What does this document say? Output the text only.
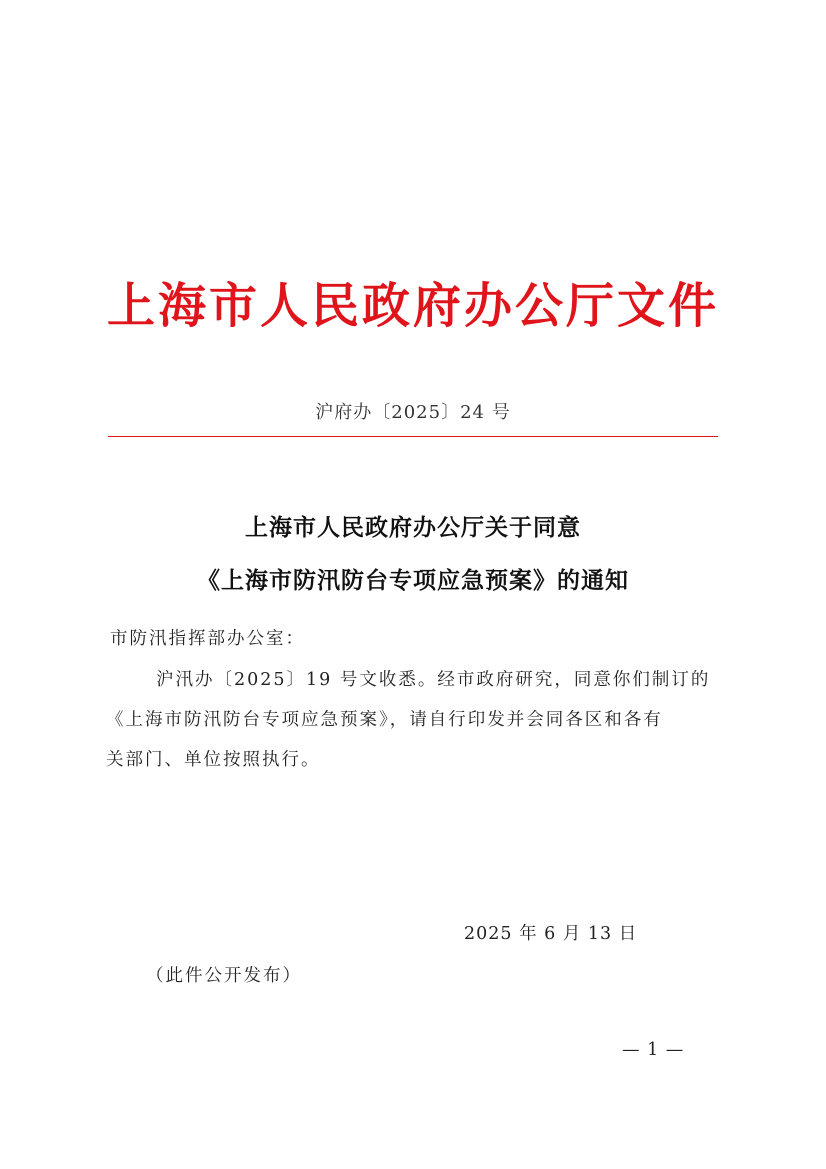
上海市人民政府办公厅文件
沪府办〔2025〕24 号
上海市人民政府办公厅关于同意
《上海市防汛防台专项应急预案》的通知
市防汛指挥部办公室：
沪汛办〔2025〕19 号文收悉。经市政府研究，同意你们制订的
《上海市防汛防台专项应急预案》，请自行印发并会同各区和各有
关部门、单位按照执行。
2025 年 6 月 13 日
（此件公开发布）
— 1 —
